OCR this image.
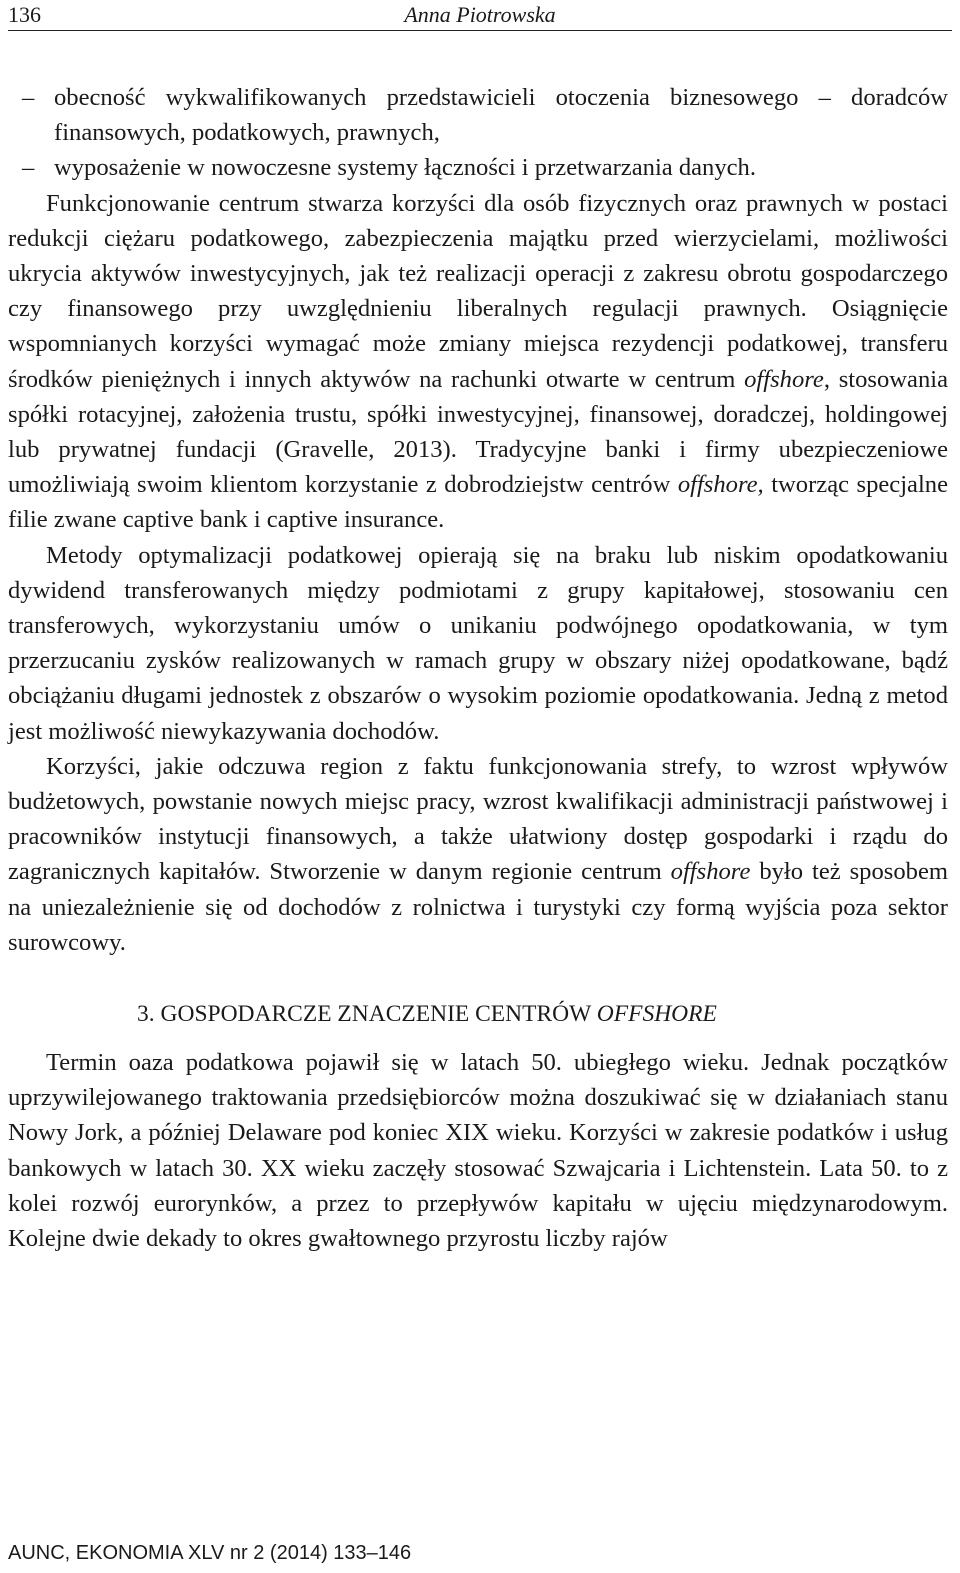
136	Anna Piotrowska
– obecność wykwalifikowanych przedstawicieli otoczenia biznesowego – doradców finansowych, podatkowych, prawnych,
– wyposażenie w nowoczesne systemy łączności i przetwarzania danych.

Funkcjonowanie centrum stwarza korzyści dla osób fizycznych oraz prawnych w postaci redukcji ciężaru podatkowego, zabezpieczenia majątku przed wierzycielami, możliwości ukrycia aktywów inwestycyjnych, jak też realizacji operacji z zakresu obrotu gospodarczego czy finansowego przy uwzględnieniu liberalnych regulacji prawnych. Osiągnięcie wspomnianych korzyści wymagać może zmiany miejsca rezydencji podatkowej, transferu środków pieniężnych i innych aktywów na rachunki otwarte w centrum offshore, stosowania spółki rotacyjnej, założenia trustu, spółki inwestycyjnej, finansowej, doradczej, holdingowej lub prywatnej fundacji (Gravelle, 2013). Tradycyjne banki i firmy ubezpieczeniowe umożliwiają swoim klientom korzystanie z dobrodziejstw centrów offshore, tworząc specjalne filie zwane captive bank i captive insurance.

Metody optymalizacji podatkowej opierają się na braku lub niskim opodatkowaniu dywidend transferowanych między podmiotami z grupy kapitałowej, stosowaniu cen transferowych, wykorzystaniu umów o unikaniu podwójnego opodatkowania, w tym przerzucaniu zysków realizowanych w ramach grupy w obszary niżej opodatkowane, bądź obciążaniu długami jednostek z obszarów o wysokim poziomie opodatkowania. Jedną z metod jest możliwość niewykazywania dochodów.

Korzyści, jakie odczuwa region z faktu funkcjonowania strefy, to wzrost wpływów budżetowych, powstanie nowych miejsc pracy, wzrost kwalifikacji administracji państwowej i pracowników instytucji finansowych, a także ułatwiony dostęp gospodarki i rządu do zagranicznych kapitałów. Stworzenie w danym regionie centrum offshore było też sposobem na uniezależnienie się od dochodów z rolnictwa i turystyki czy formą wyjścia poza sektor surowcowy.

3. GOSPODARCZE ZNACZENIE CENTRÓW OFFSHORE

Termin oaza podatkowa pojawił się w latach 50. ubiegłego wieku. Jednak początków uprzywilejowanego traktowania przedsiębiorców można doszukiwać się w działaniach stanu Nowy Jork, a później Delaware pod koniec XIX wieku. Korzyści w zakresie podatków i usług bankowych w latach 30. XX wieku zaczęły stosować Szwajcaria i Lichtenstein. Lata 50. to z kolei rozwój eurorynków, a przez to przepływów kapitału w ujęciu międzynarodowym. Kolejne dwie dekady to okres gwałtownego przyrostu liczby rajów

AUNC, EKONOMIA XLV nr 2 (2014) 133–146
